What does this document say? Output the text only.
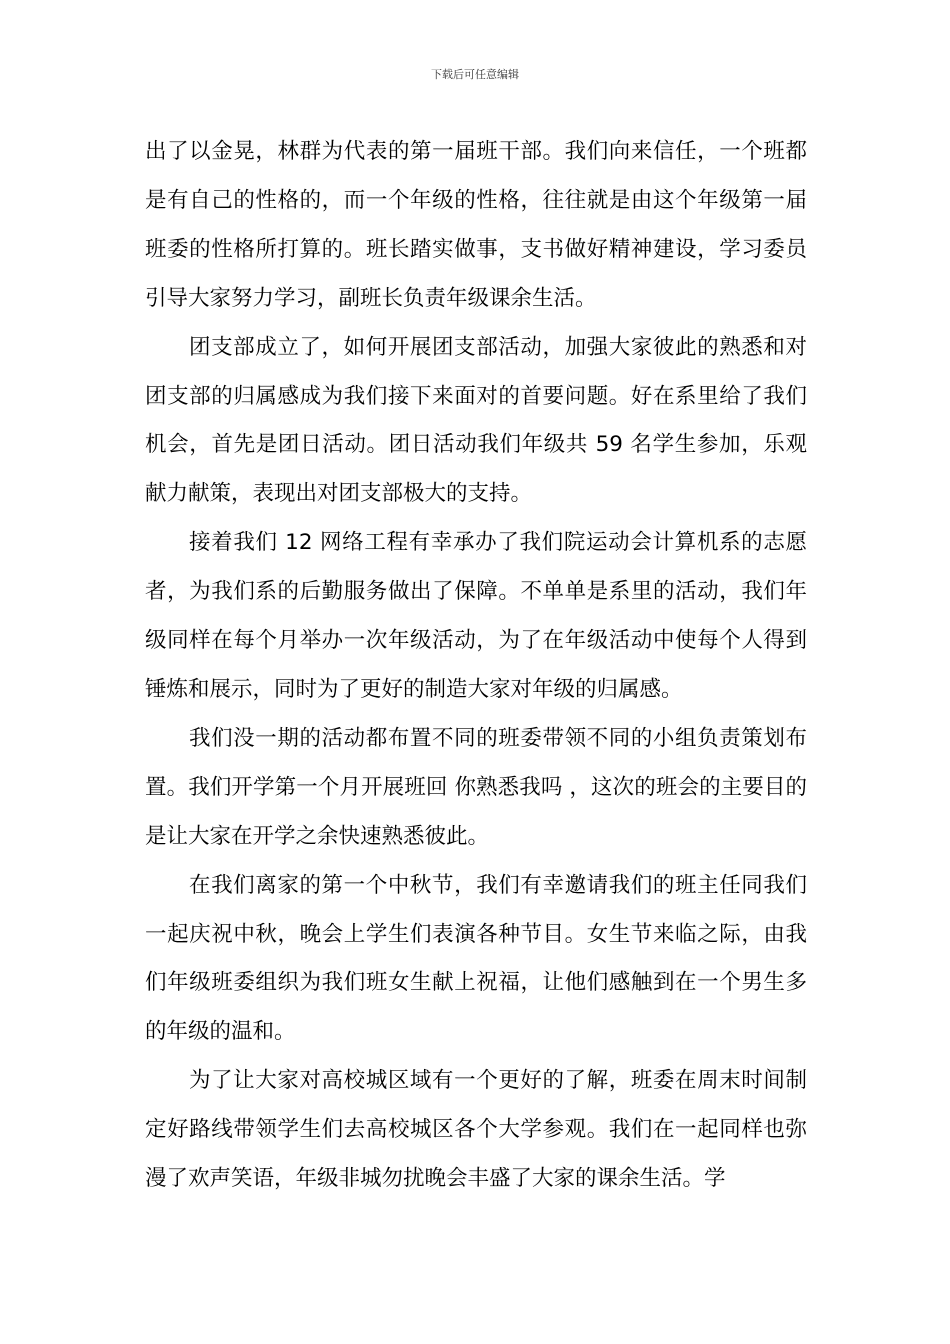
下载后可任意编辑

出了以金晃，林群为代表的第一届班干部。我们向来信任，一个班都是有自己的性格的，而一个年级的性格，往往就是由这个年级第一届班委的性格所打算的。班长踏实做事，支书做好精神建设，学习委员引导大家努力学习，副班长负责年级课余生活。

团支部成立了，如何开展团支部活动，加强大家彼此的熟悉和对团支部的归属感成为我们接下来面对的首要问题。好在系里给了我们机会，首先是团日活动。团日活动我们年级共 59 名学生参加，乐观献力献策，表现出对团支部极大的支持。

接着我们 12 网络工程有幸承办了我们院运动会计算机系的志愿者，为我们系的后勤服务做出了保障。不单单是系里的活动，我们年级同样在每个月举办一次年级活动，为了在年级活动中使每个人得到锤炼和展示，同时为了更好的制造大家对年级的归属感。

我们没一期的活动都布置不同的班委带领不同的小组负责策划布置。我们开学第一个月开展班回 你熟悉我吗 ，这次的班会的主要目的是让大家在开学之余快速熟悉彼此。

在我们离家的第一个中秋节，我们有幸邀请我们的班主任同我们一起庆祝中秋，晚会上学生们表演各种节目。女生节来临之际，由我们年级班委组织为我们班女生献上祝福，让他们感触到在一个男生多的年级的温和。

为了让大家对高校城区域有一个更好的了解，班委在周末时间制定好路线带领学生们去高校城区各个大学参观。我们在一起同样也弥漫了欢声笑语，年级非城勿扰晚会丰盛了大家的课余生活。学
